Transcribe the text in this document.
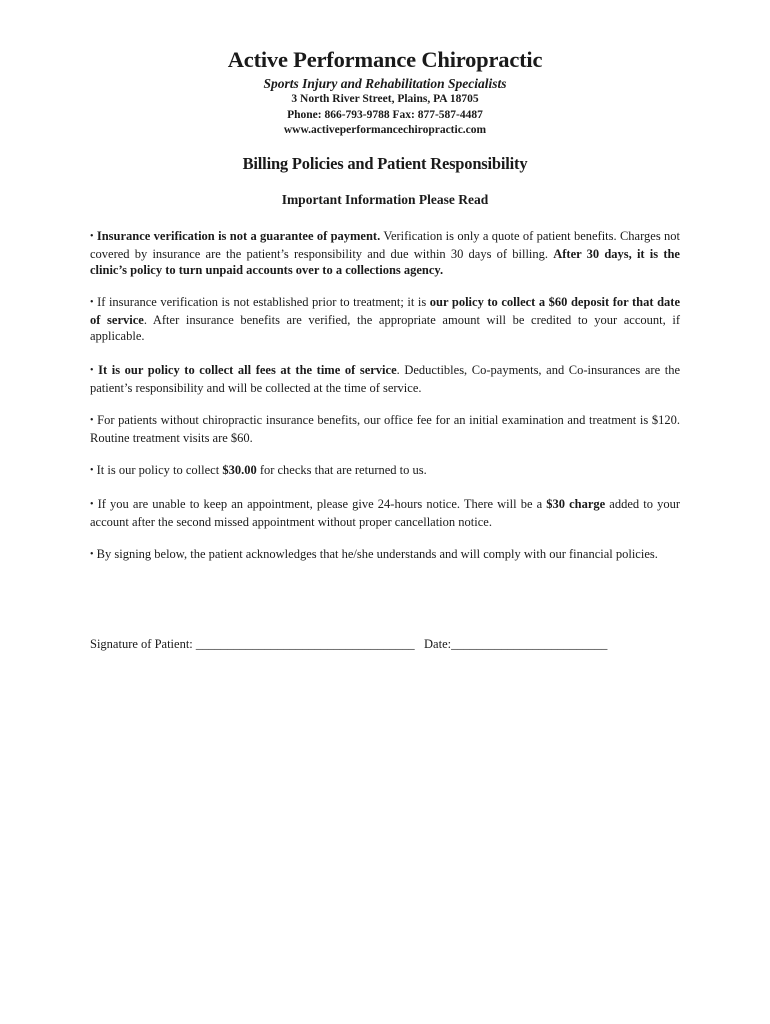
Active Performance Chiropractic
Sports Injury and Rehabilitation Specialists
3 North River Street, Plains, PA 18705
Phone: 866-793-9788 Fax: 877-587-4487
www.activeperformancechiropractic.com
Billing Policies and Patient Responsibility
Important Information Please Read
• Insurance verification is not a guarantee of payment. Verification is only a quote of patient benefits. Charges not covered by insurance are the patient’s responsibility and due within 30 days of billing. After 30 days, it is the clinic’s policy to turn unpaid accounts over to a collections agency.
• If insurance verification is not established prior to treatment; it is our policy to collect a $60 deposit for that date of service. After insurance benefits are verified, the appropriate amount will be credited to your account, if applicable.
• It is our policy to collect all fees at the time of service. Deductibles, Co-payments, and Co-insurances are the patient’s responsibility and will be collected at the time of service.
• For patients without chiropractic insurance benefits, our office fee for an initial examination and treatment is $120. Routine treatment visits are $60.
• It is our policy to collect $30.00 for checks that are returned to us.
• If you are unable to keep an appointment, please give 24-hours notice. There will be a $30 charge added to your account after the second missed appointment without proper cancellation notice.
• By signing below, the patient acknowledges that he/she understands and will comply with our financial policies.
Signature of Patient: ___________________________________ Date:_________________________
